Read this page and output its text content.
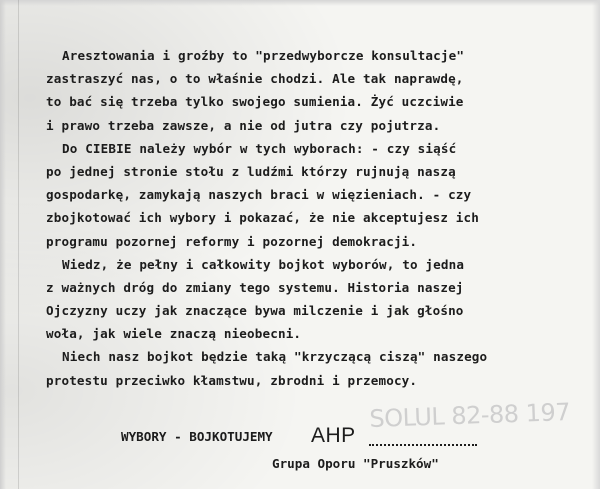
Aresztowania i groźby to "przedwyborcze konsultacje"
zastraszyć nas, o to właśnie chodzi. Ale tak naprawdę,
to bać się trzeba tylko swojego sumienia. Żyć uczciwie
i prawo trzeba zawsze, a nie od jutra czy pojutrza.
Do CIEBIE należy wybór w tych wyborach: - czy siąść
po jednej stronie stołu z ludźmi którzy rujnują naszą
gospodarkę, zamykają naszych braci w więzieniach. - czy
zbojkotować ich wybory i pokazać, że nie akceptujesz ich
programu pozornej reformy i pozornej demokracji.
Wiedz, że pełny i całkowity bojkot wyborów, to jedna
z ważnych dróg do zmiany tego systemu. Historia naszej
Ojczyzny uczy jak znaczące bywa milczenie i jak głośno
woła, jak wiele znaczą nieobecni.
Niech nasz bojkot będzie taką "krzyczącą ciszą" naszego
protestu przeciwko kłamstwu, zbrodni i przemocy.
WYBORY - BOJKOTUJEMY
SOLUL 82-88 197
AHP
Grupa Oporu "Pruszków"
